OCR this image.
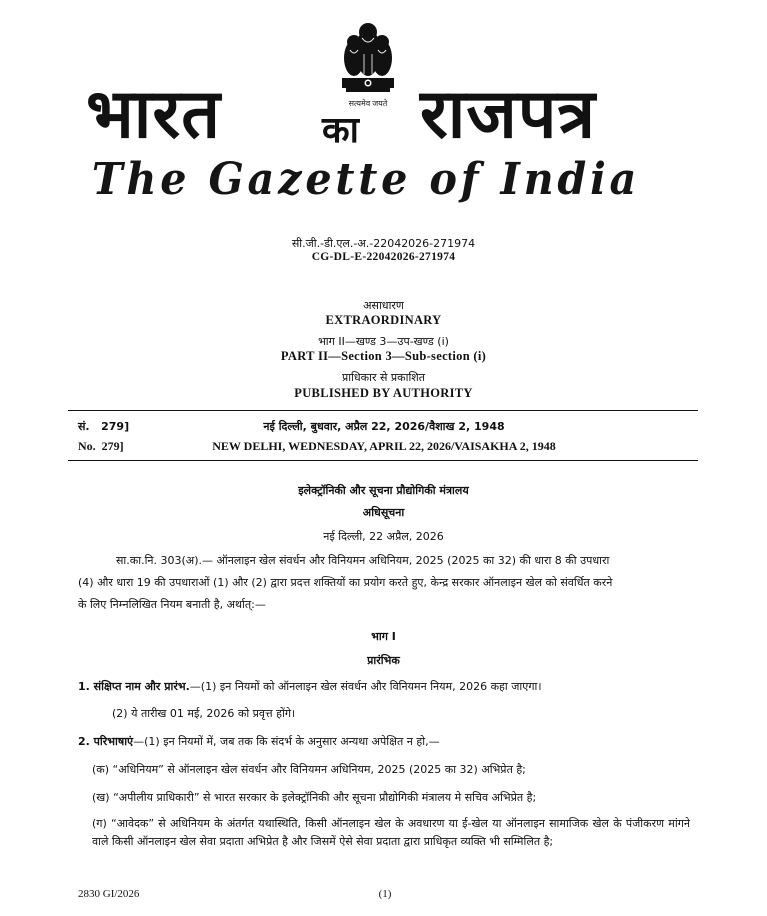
सत्यमेव जयते
भारत	का राजपत्र
The Gazette of India
सी.जी.-डी.एल.-अ.-22042026-271974
CG-DL-E-22042026-271974
असाधारण
EXTRAORDINARY
भाग II—खण्ड 3—उप-खण्ड (i)
PART II—Section 3—Sub-section (i)
प्राधिकार से प्रकाशित
PUBLISHED BY AUTHORITY
सं.   279]	नई दिल्ली, बुधवार, अप्रैल 22, 2026/वैशाख 2, 1948
No.  279]	NEW DELHI, WEDNESDAY, APRIL 22, 2026/VAISAKHA 2, 1948
इलेक्ट्रॉनिकी और सूचना प्रौद्योगिकी मंत्रालय
अधिसूचना
नई दिल्ली, 22 अप्रैल, 2026
सा.का.नि. 303(अ).— ऑनलाइन खेल संवर्धन और विनियमन अधिनियम, 2025 (2025 का 32) की धारा 8 की उपधारा
(4) और धारा 19 की उपधाराओं (1) और (2) द्वारा प्रदत्त शक्तियों का प्रयोग करते हुए, केन्द्र सरकार ऑनलाइन खेल को संवर्धित करने
के लिए निम्नलिखित नियम बनाती है, अर्थात्:—
भाग I
प्रारंभिक
1. संक्षिप्त नाम और प्रारंभ.—(1) इन नियमों को ऑनलाइन खेल संवर्धन और विनियमन नियम, 2026 कहा जाएगा।
(2) ये तारीख 01 मई, 2026 को प्रवृत्त होंगे।
2. परिभाषाएं—(1) इन नियमों में, जब तक कि संदर्भ के अनुसार अन्यथा अपेक्षित न हो,—
(क) “अधिनियम” से ऑनलाइन खेल संवर्धन और विनियमन अधिनियम, 2025 (2025 का 32) अभिप्रेत है;
(ख) “अपीलीय प्राधिकारी” से भारत सरकार के इलेक्ट्रॉनिकी और सूचना प्रौद्योगिकी मंत्रालय मे सचिव अभिप्रेत है;
(ग) “आवेदक” से अधिनियम के अंतर्गत यथास्थिति, किसी ऑनलाइन खेल के अवधारण या ई-खेल या ऑनलाइन सामाजिक खेल के पंजीकरण मांगने वाले किसी ऑनलाइन खेल सेवा प्रदाता अभिप्रेत है और जिसमें ऐसे सेवा प्रदाता द्वारा प्राधिकृत व्यक्ति भी सम्मिलित है;
2830 GI/2026	(1)
